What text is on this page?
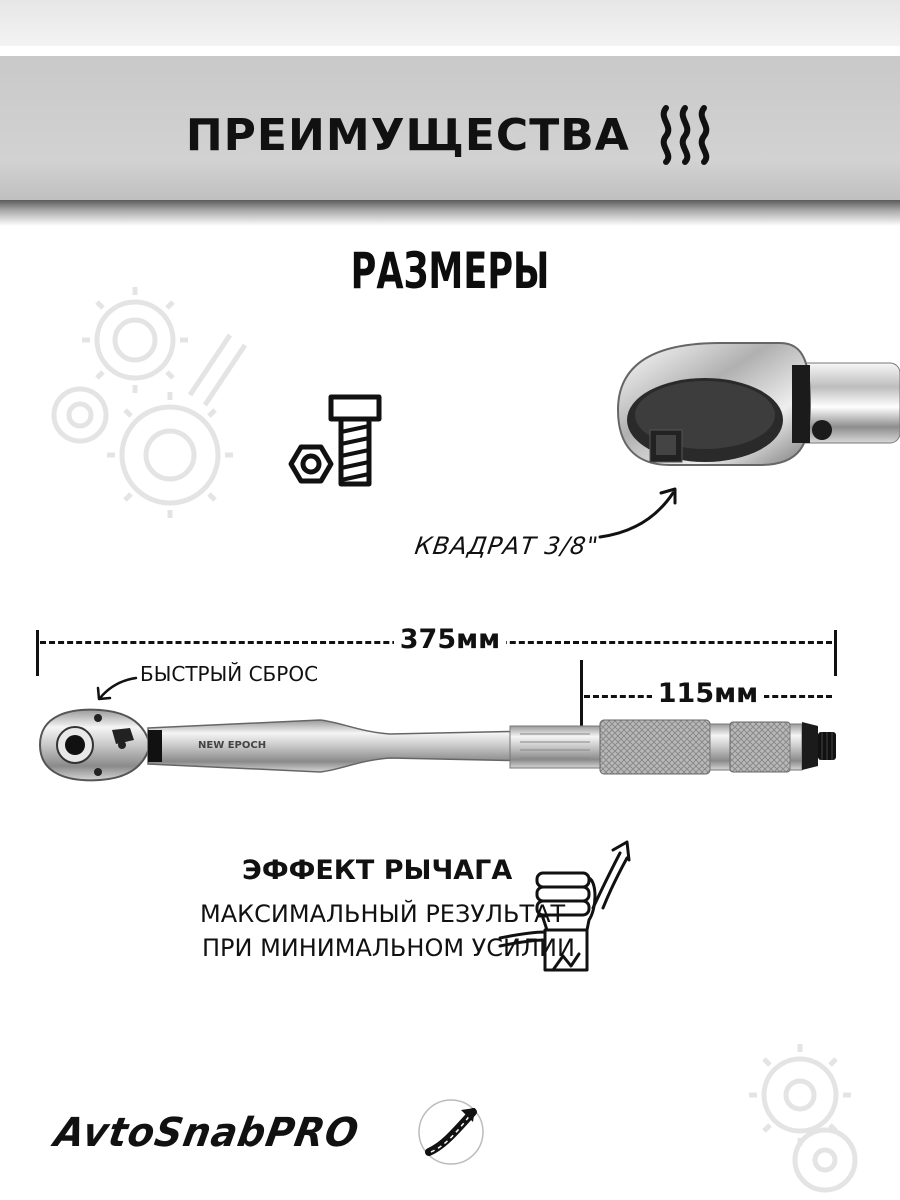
ПРЕИМУЩЕСТВА
РАЗМЕРЫ
КВАДРАТ 3/8"
375мм
115мм
БЫСТРЫЙ СБРОС
NEW EPOCH
ЭФФЕКТ РЫЧАГА
МАКСИМАЛЬНЫЙ РЕЗУЛЬТАТ
ПРИ МИНИМАЛЬНОМ УСИЛИИ
AvtoSnabPRO
